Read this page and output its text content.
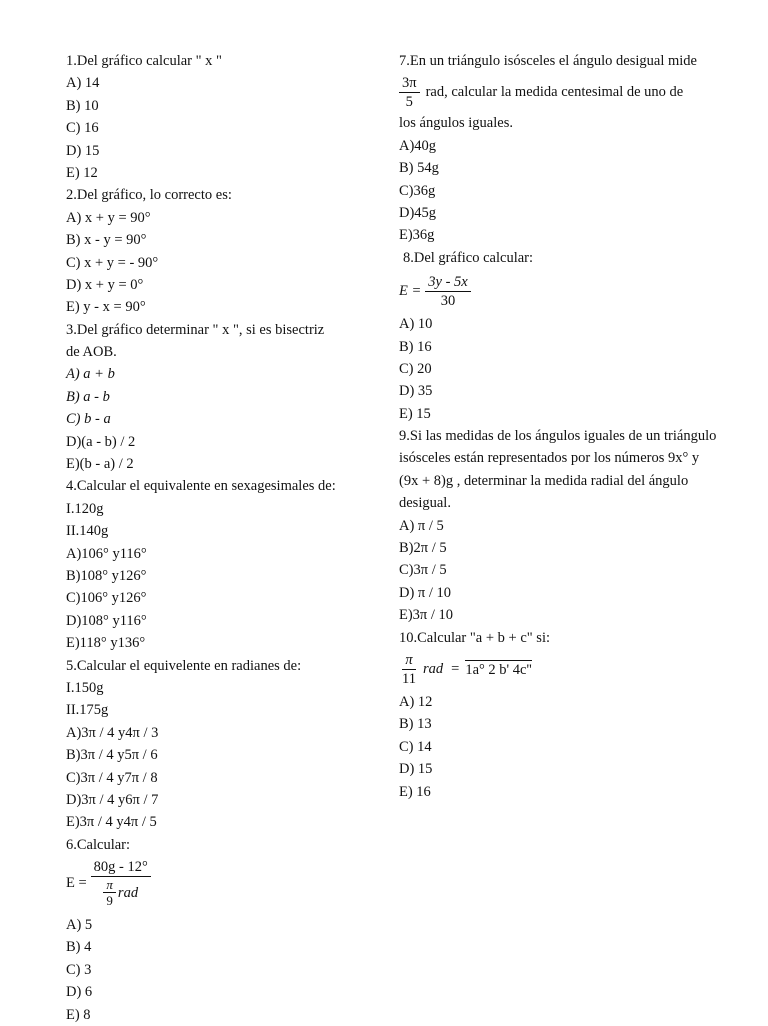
1.Del gráfico calcular " x "
A) 14
B) 10
C) 16
D) 15
E) 12
2.Del gráfico, lo correcto es:
A) x + y = 90°
B) x - y = 90°
C) x + y = - 90°
D) x + y = 0°
E) y - x = 90°
3.Del gráfico determinar " x ", si es bisectriz
de AOB.
A) a + b
B) a - b
C) b - a
D)(a - b) / 2
E)(b - a) / 2
4.Calcular el equivalente en sexagesimales de:
I.120g
II.140g
A)106° y116°
B)108° y126°
C)106° y126°
D)108° y116°
E)118° y136°
5.Calcular el equivelente en radianes de:
I.150g
II.175g
A)3π / 4 y4π / 3
B)3π / 4 y5π / 6
C)3π / 4 y7π / 8
D)3π / 4 y6π / 7
E)3π / 4 y4π / 5
6.Calcular:
$E = \frac{80g - 12^\circ}{\frac{\pi}{9} rad}$
A) 5
B) 4
C) 3
D) 6
E) 8
7.En un triángulo isósceles el ángulo desigual mide
$\frac{3\pi}{5}$ rad, calcular la medida centesimal de uno de
los ángulos iguales.
A)40g
B) 54g
C)36g
D)45g
E)36g
8.Del gráfico calcular:
$E = \frac{3y - 5x}{30}$
A) 10
B) 16
C) 20
D) 35
E) 15
9.Si las medidas de los ángulos iguales de un triángulo
isósceles están representados por los números 9x° y
(9x + 8)g , determinar la medida radial del ángulo
desigual.
A) π / 5
B)2π / 5
C)3π / 5
D) π / 10
E)3π / 10
10.Calcular "a + b + c" si:
$\frac{\pi}{11}$ rad = 1a° 2 b' 4c''
A) 12
B) 13
C) 14
D) 15
E) 16
